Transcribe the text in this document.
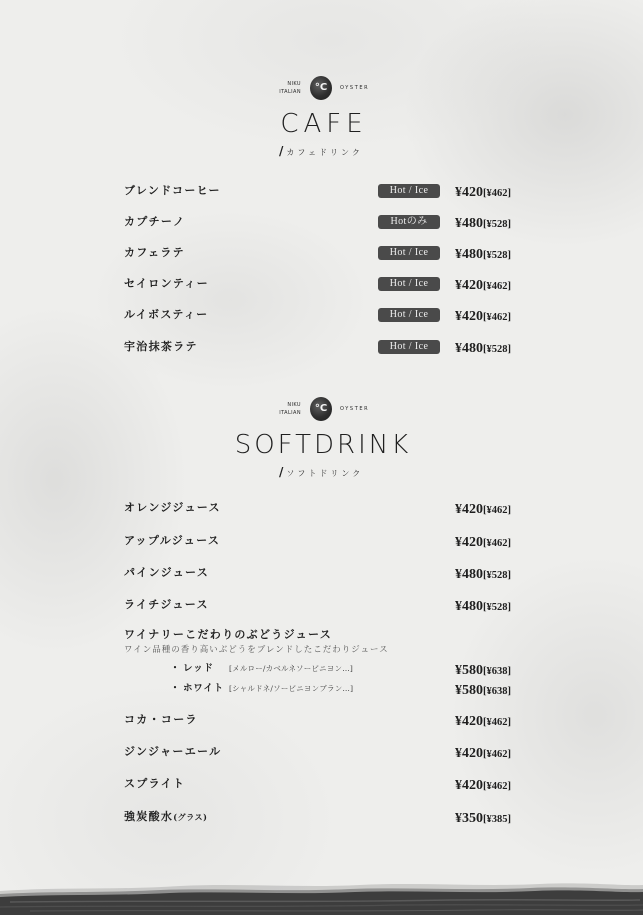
NIKU
ITALIAN	°C	OYSTER
CAFE
/ カフェドリンク
ブレンドコーヒー	Hot / Ice	¥420[¥462]
カプチーノ	Hotのみ	¥480[¥528]
カフェラテ	Hot / Ice	¥480[¥528]
セイロンティー	Hot / Ice	¥420[¥462]
ルイボスティー	Hot / Ice	¥420[¥462]
宇治抹茶ラテ	Hot / Ice	¥480[¥528]
NIKU
ITALIAN	°C	OYSTER
SOFTDRINK
/ ソフトドリンク
オレンジジュース	¥420[¥462]
アップルジュース	¥420[¥462]
パインジュース	¥480[¥528]
ライチジュース	¥480[¥528]
ワイナリーこだわりのぶどうジュース
ワイン品種の香り高いぶどうをブレンドしたこだわりジュース
・ レッド [メルロー/カベルネソービニヨン…]	¥580[¥638]
・ ホワイト [シャルドネ/ソービニヨンブラン…]	¥580[¥638]
コカ・コーラ	¥420[¥462]
ジンジャーエール	¥420[¥462]
スプライト	¥420[¥462]
強炭酸水(グラス)	¥350[¥385]
